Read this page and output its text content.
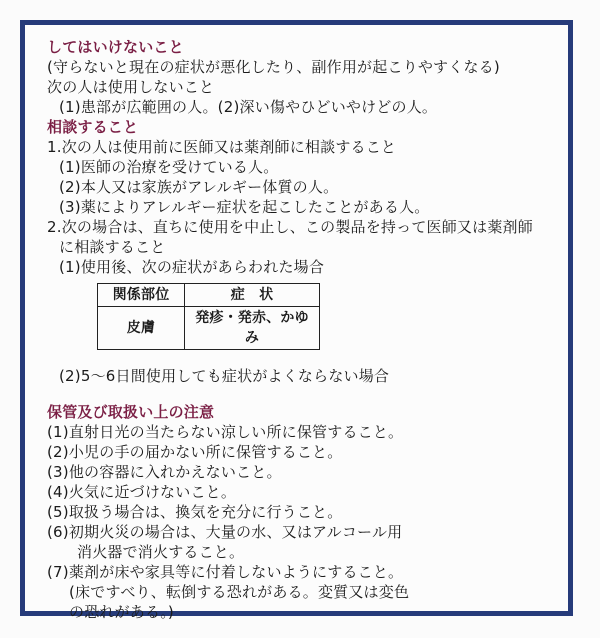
してはいけないこと
(守らないと現在の症状が悪化したり、副作用が起こりやすくなる)
次の人は使用しないこと
(1)患部が広範囲の人。(2)深い傷やひどいやけどの人。
相談すること
1.次の人は使用前に医師又は薬剤師に相談すること
(1)医師の治療を受けている人。
(2)本人又は家族がアレルギー体質の人。
(3)薬によりアレルギー症状を起こしたことがある人。
2.次の場合は、直ちに使用を中止し、この製品を持って医師又は薬剤師
に相談すること
(1)使用後、次の症状があらわれた場合
関係部位	症　状
皮膚	発疹・発赤、かゆみ
(2)5～6日間使用しても症状がよくならない場合
保管及び取扱い上の注意
(1)直射日光の当たらない涼しい所に保管すること。
(2)小児の手の届かない所に保管すること。
(3)他の容器に入れかえないこと。
(4)火気に近づけないこと。
(5)取扱う場合は、換気を充分に行うこと。
(6)初期火災の場合は、大量の水、又はアルコール用
消火器で消火すること。
(7)薬剤が床や家具等に付着しないようにすること。
(床ですべり、転倒する恐れがある。変質又は変色
の恐れがある。)
